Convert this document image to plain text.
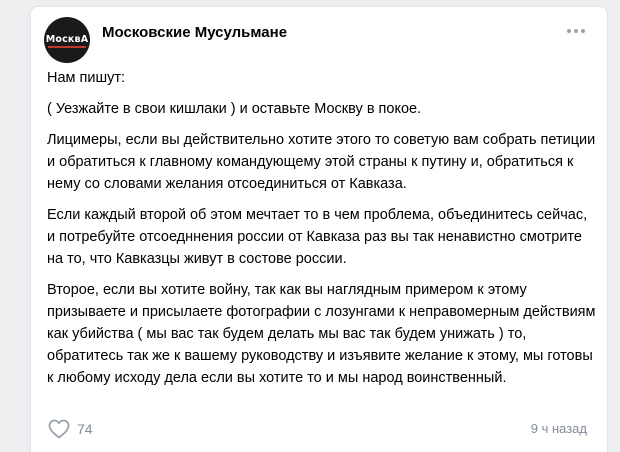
МосквА Московские Мусульмане

Нам пишут:

( Уезжайте в свои кишлаки ) и оставьте Москву в покое.

Лицимеры, если вы действительно хотите этого то советую вам собрать петиции и обратиться к главному командующему этой страны к путину и, обратиться к нему со словами желания отсоединиться от Кавказа.

Если каждый второй об этом мечтает то в чем проблема, объединитесь сейчас, и потребуйте отсоедннения россии от Кавказа раз вы так ненавистно смотрите на то, что Кавказцы живут в состове россии.

Второе, если вы хотите войну, так как вы наглядным примером к этому призываете и присылаете фотографии с лозунгами к неправомерным действиям как убийства ( мы вас так будем делать мы вас так будем унижать ) то, обратитесь так же к вашему руководству и изъявите желание к этому, мы готовы к любому исходу дела если вы хотите то и мы народ воинственный.

74	9 ч назад
